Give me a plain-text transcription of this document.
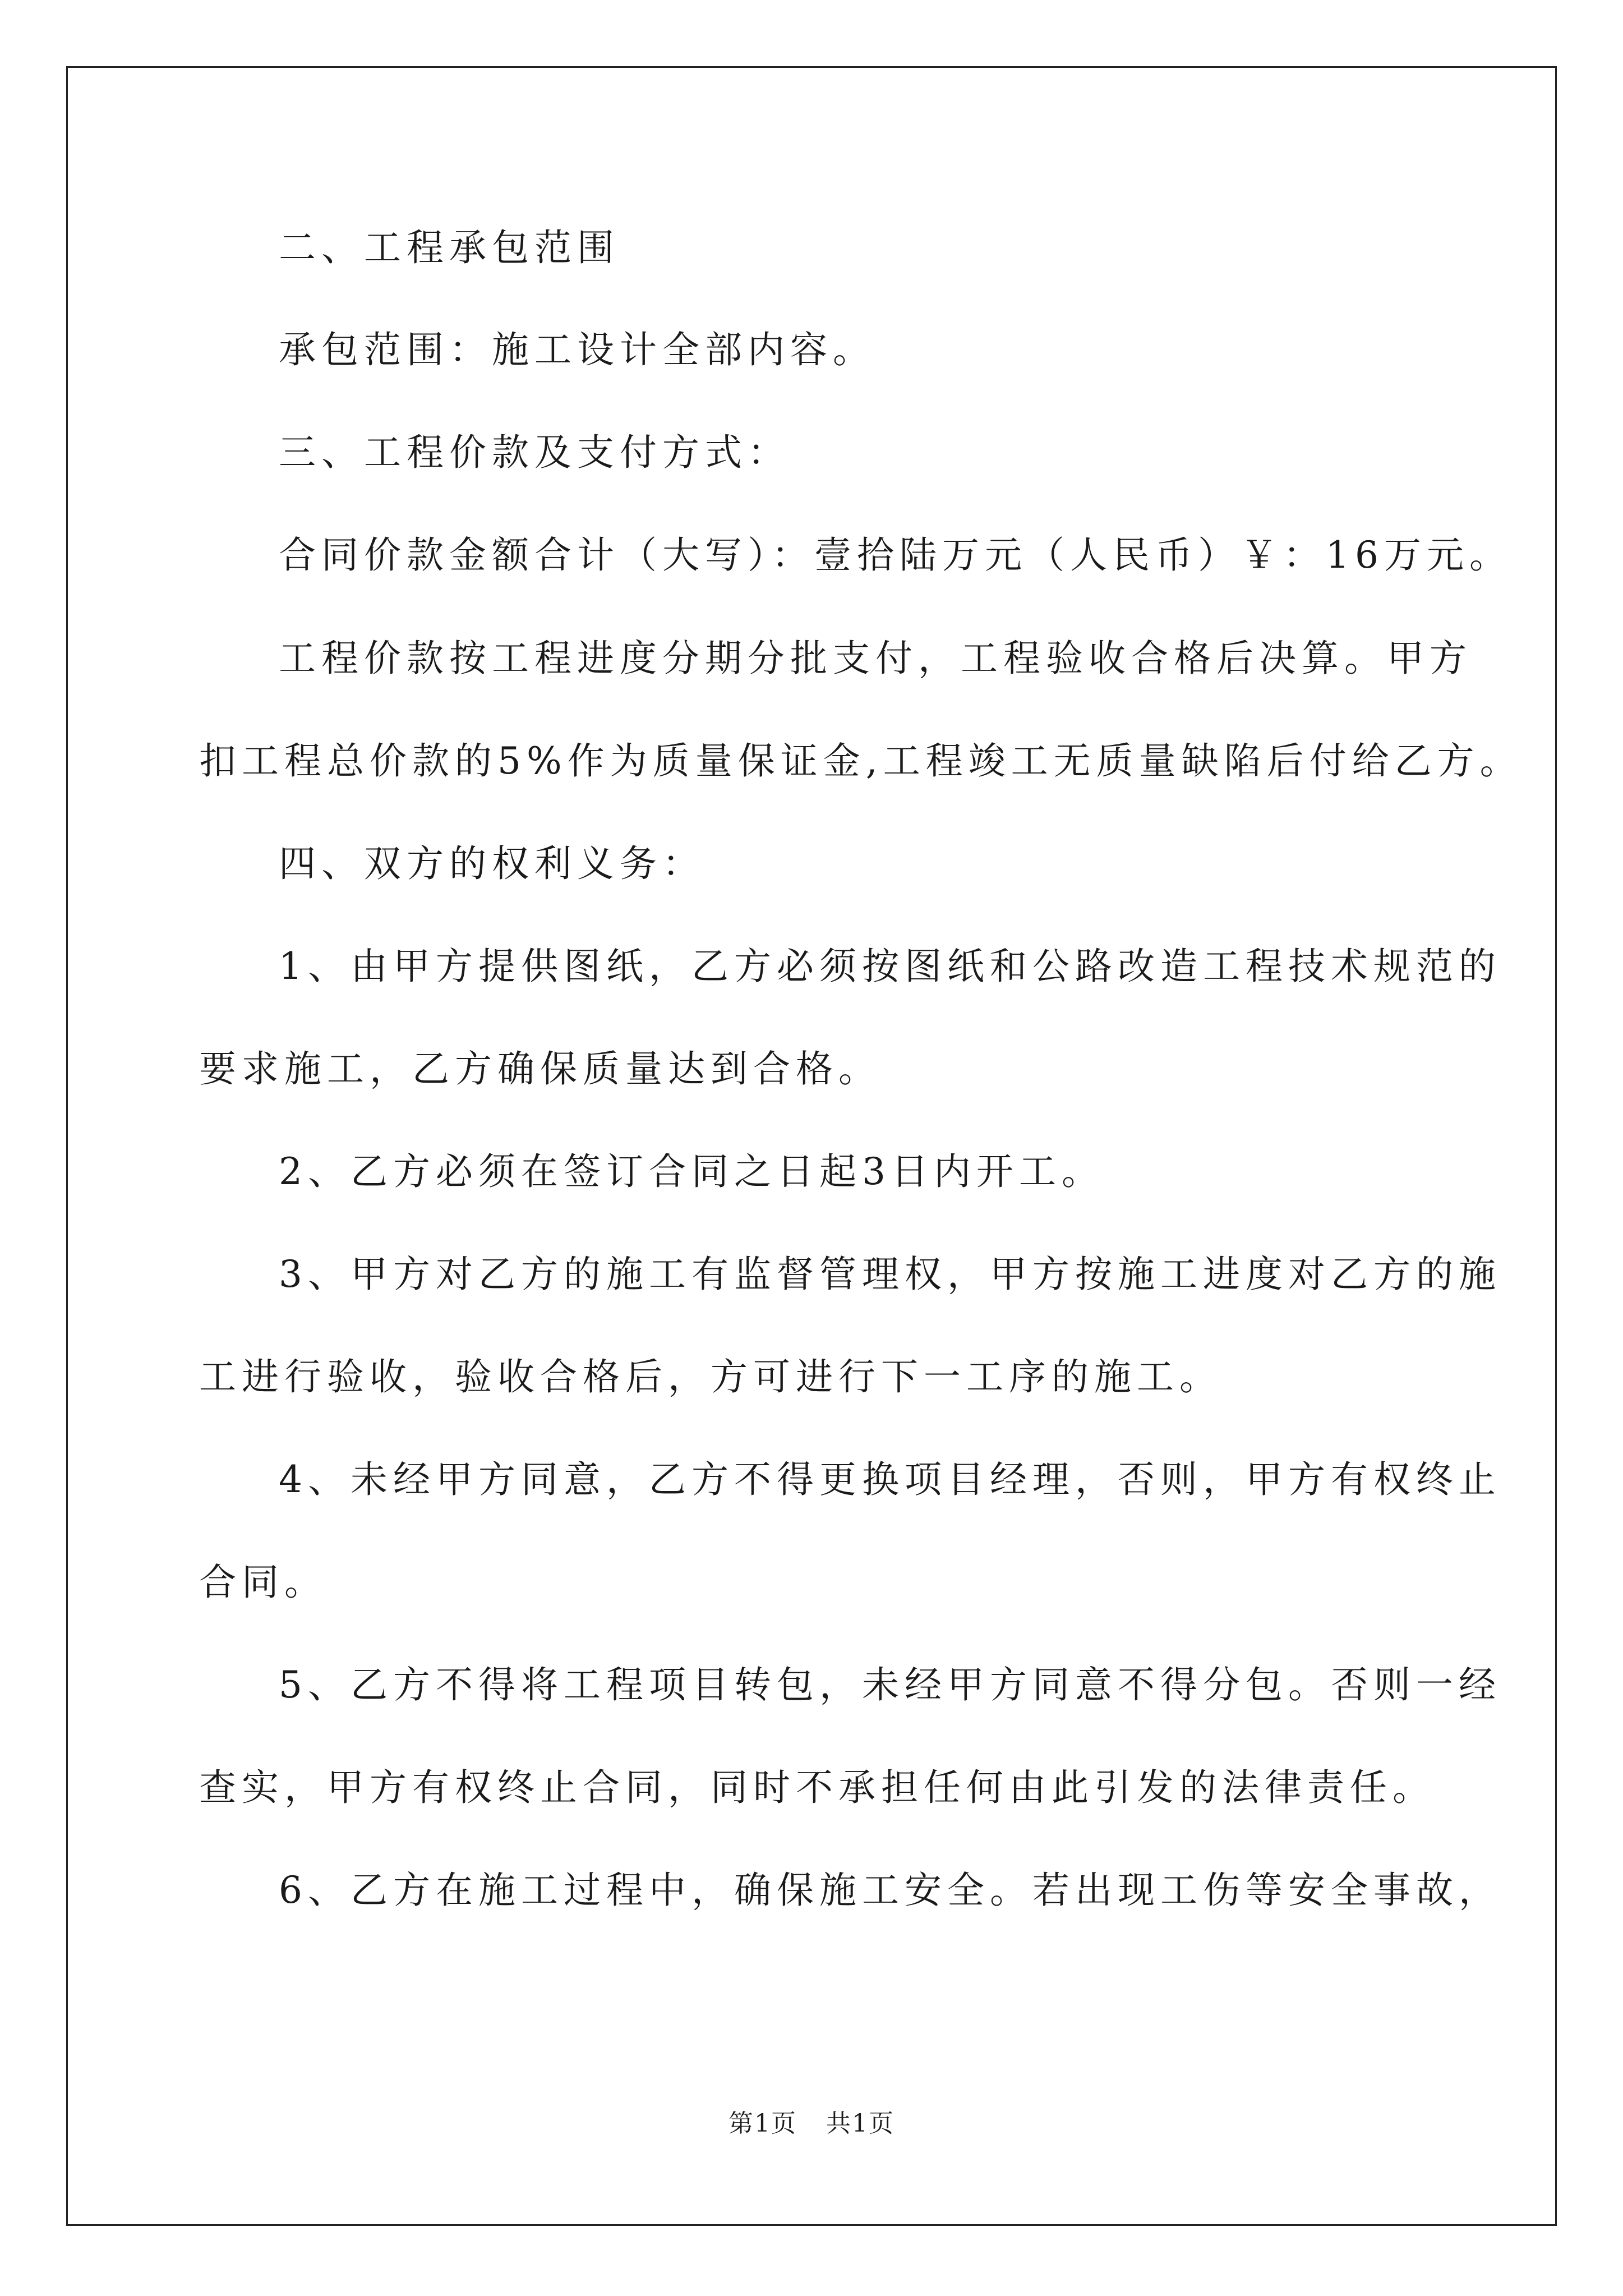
二、工程承包范围
承包范围：施工设计全部内容。
三、工程价款及支付方式：
合同价款金额合计（大写）：壹拾陆万元（人民币）￥：16万元。
工程价款按工程进度分期分批支付，工程验收合格后决算。甲方
扣工程总价款的5%作为质量保证金,工程竣工无质量缺陷后付给乙方。
四、双方的权利义务：
1、由甲方提供图纸，乙方必须按图纸和公路改造工程技术规范的
要求施工，乙方确保质量达到合格。
2、乙方必须在签订合同之日起3日内开工。
3、甲方对乙方的施工有监督管理权，甲方按施工进度对乙方的施
工进行验收，验收合格后，方可进行下一工序的施工。
4、未经甲方同意，乙方不得更换项目经理，否则，甲方有权终止
合同。
5、乙方不得将工程项目转包，未经甲方同意不得分包。否则一经
查实，甲方有权终止合同，同时不承担任何由此引发的法律责任。
6、乙方在施工过程中，确保施工安全。若出现工伤等安全事故，
第1页 共1页
